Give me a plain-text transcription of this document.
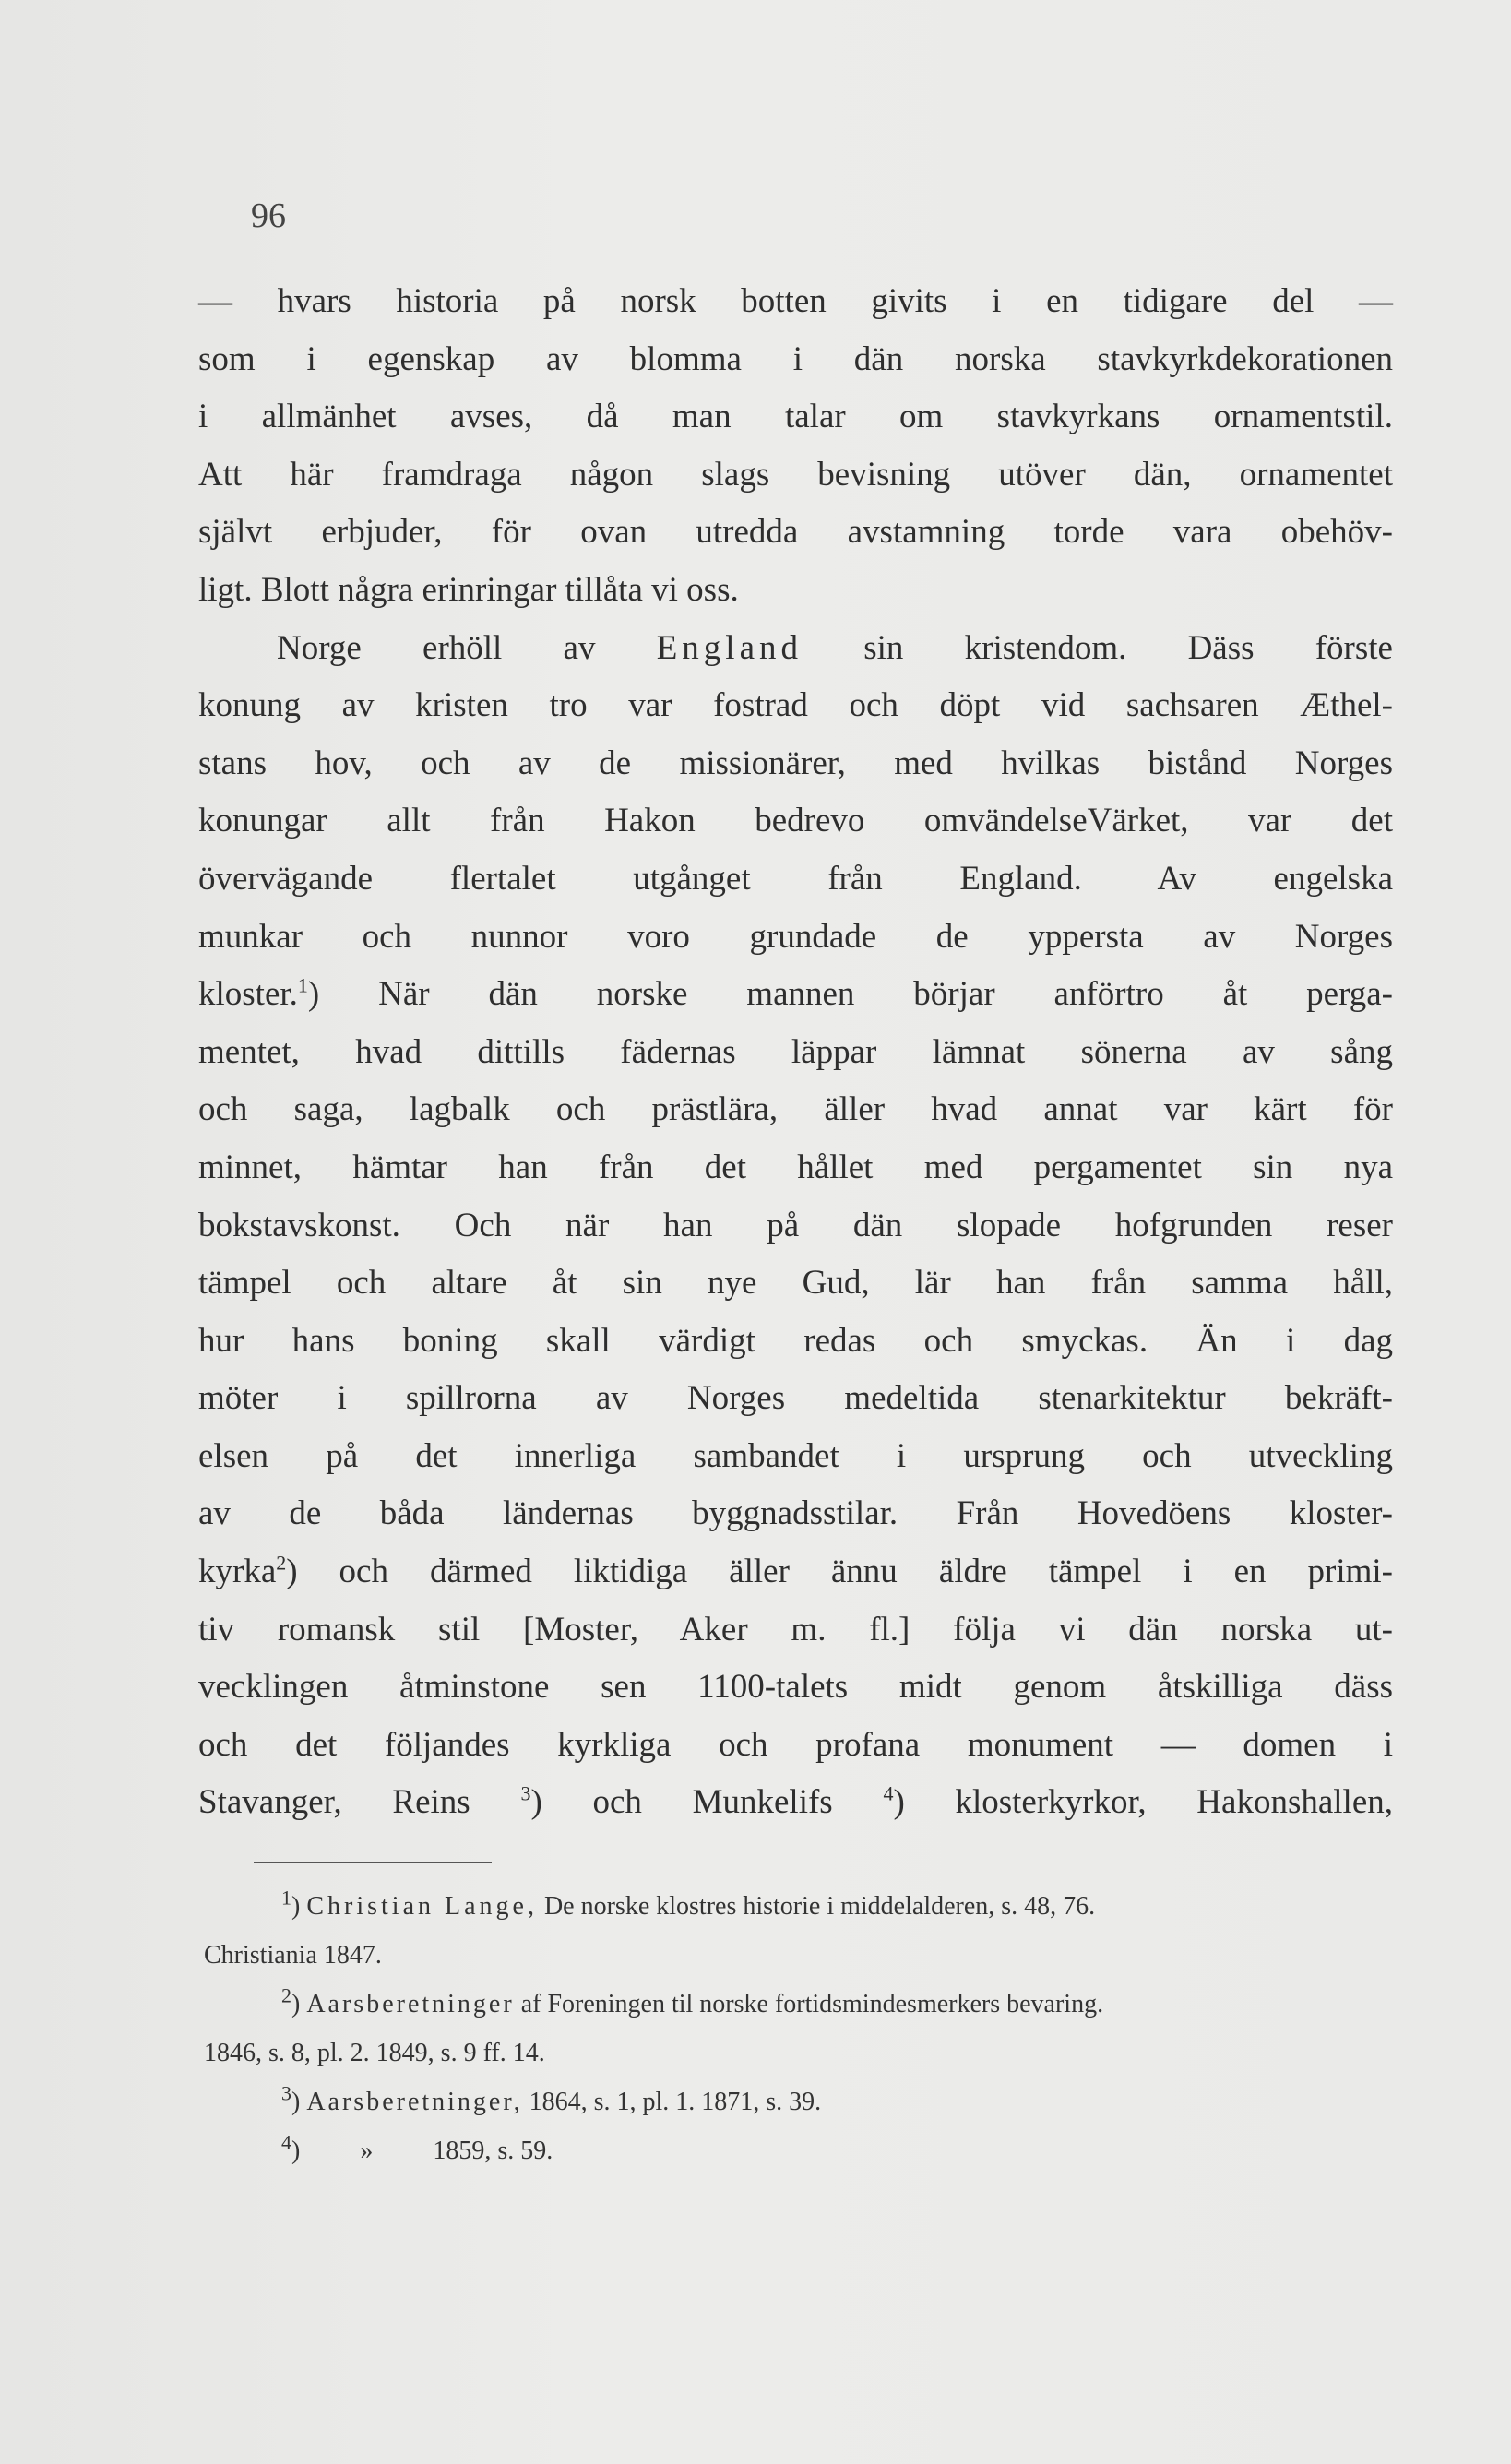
96
— hvars historia på norsk botten givits i en tidigare del —
som i egenskap av blomma i dän norska stavkyrkdekorationen
i allmänhet avses, då man talar om stavkyrkans ornamentstil.
Att här framdraga någon slags bevisning utöver dän, ornamentet
självt erbjuder, för ovan utredda avstamning torde vara obehöv-
ligt. Blott några erinringar tillåta vi oss.
Norge erhöll av England sin kristendom. Däss förste
konung av kristen tro var fostrad och döpt vid sachsaren Æthel-
stans hov, och av de missionärer, med hvilkas bistånd Norges
konungar allt från Hakon bedrevo omvändelseVärket, var det
övervägande flertalet utgånget från England. Av engelska
munkar och nunnor voro grundade de yppersta av Norges
kloster.$^1$) När dän norske mannen börjar anförtro åt perga-
mentet, hvad dittills fädernas läppar lämnat sönerna av sång
och saga, lagbalk och prästlära, äller hvad annat var kärt för
minnet, hämtar han från det hållet med pergamentet sin nya
bokstavskonst. Och när han på dän slopade hofgrunden reser
tämpel och altare åt sin nye Gud, lär han från samma håll,
hur hans boning skall värdigt redas och smyckas. Än i dag
möter i spillrorna av Norges medeltida stenarkitektur bekräft-
elsen på det innerliga sambandet i ursprung och utveckling
av de båda ländernas byggnadsstilar. Från Hovedöens kloster-
kyrka$^2$) och därmed liktidiga äller ännu äldre tämpel i en primi-
tiv romansk stil [Moster, Aker m. fl.] följa vi dän norska ut-
vecklingen åtminstone sen 1100-talets midt genom åtskilliga däss
och det följandes kyrkliga och profana monument — domen i
Stavanger, Reins $^3$) och Munkelifs $^4$) klosterkyrkor, Hakonshallen,
$^1$) Christian Lange, De norske klostres historie i middelalderen, s. 48, 76.
Christiania 1847.
$^2$) Aarsberetninger af Foreningen til norske fortidsmindesmerkers bevaring.
1846, s. 8, pl. 2. 1849, s. 9 ff. 14.
$^3$) Aarsberetninger, 1864, s. 1, pl. 1. 1871, s. 39.
$^4$) » 1859, s. 59.
